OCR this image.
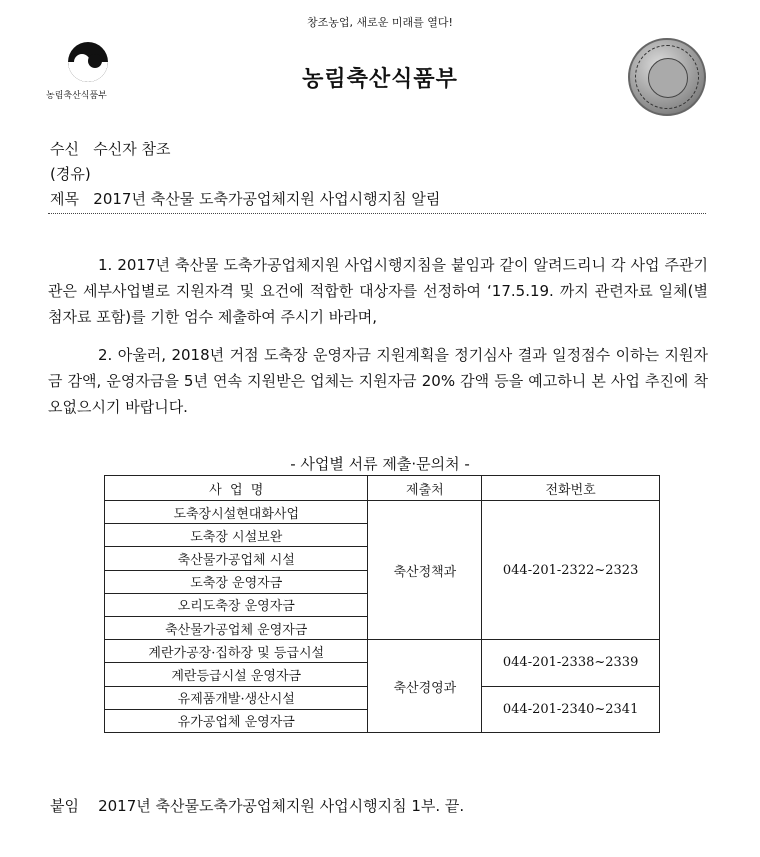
창조농업, 새로운 미래를 열다!
농림축산식품부
농림축산식품부
수신 수신자 참조
(경유)
제목 2017년 축산물 도축가공업체지원 사업시행지침 알림

1. 2017년 축산물 도축가공업체지원 사업시행지침을 붙임과 같이 알려드리니 각 사업 주관기관은 세부사업별로 지원자격 및 요건에 적합한 대상자를 선정하여 ‘17.5.19. 까지 관련자료 일체(별첨자료 포함)를 기한 엄수 제출하여 주시기 바라며,

2. 아울러, 2018년 거점 도축장 운영자금 지원계획을 정기심사 결과 일정점수 이하는 지원자금 감액, 운영자금을 5년 연속 지원받은 업체는 지원자금 20% 감액 등을 예고하니 본 사업 추진에 착오없으시기 바랍니다.

- 사업별 서류 제출·문의처 -
사  업  명	제출처	전화번호
도축장시설현대화사업	축산정책과	044-201-2322~2323
도축장 시설보완		
축산물가공업체 시설		
도축장 운영자금		
오리도축장 운영자금		
축산물가공업체 운영자금		
계란가공장·집하장 및 등급시설	축산경영과	044-201-2338~2339
계란등급시설 운영자금		
유제품개발·생산시설		044-201-2340~2341
유가공업체 운영자금		
붙임 2017년 축산물도축가공업체지원 사업시행지침 1부. 끝.
